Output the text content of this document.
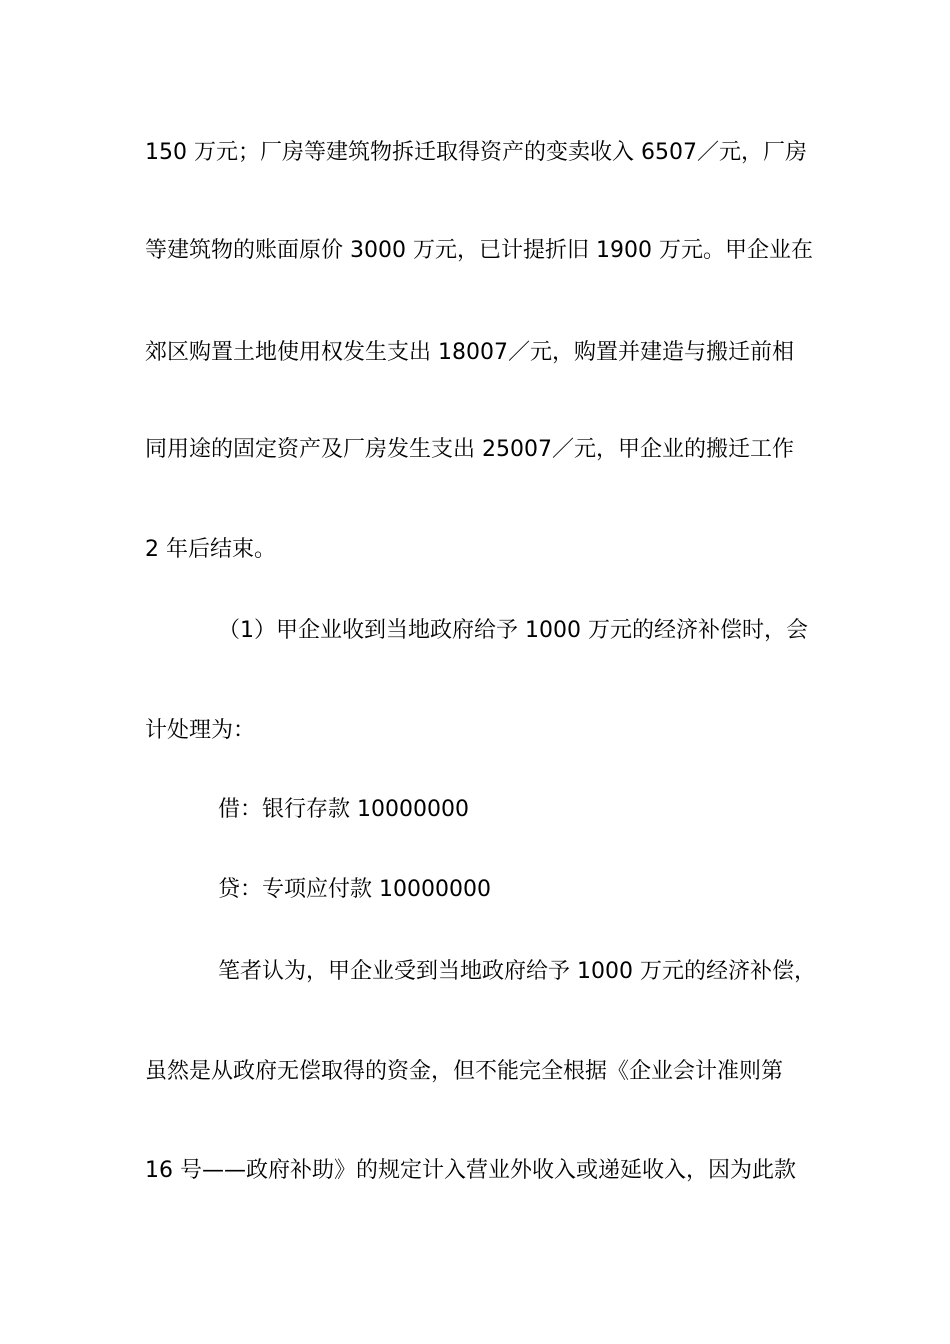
150 万元；厂房等建筑物拆迁取得资产的变卖收入 6507／元，厂房
等建筑物的账面原价 3000 万元，已计提折旧 1900 万元。甲企业在
郊区购置土地使用权发生支出 18007／元，购置并建造与搬迁前相
同用途的固定资产及厂房发生支出 25007／元，甲企业的搬迁工作
2 年后结束。
（1）甲企业收到当地政府给予 1000 万元的经济补偿时，会
计处理为：
借：银行存款 10000000
贷：专项应付款 10000000
笔者认为，甲企业受到当地政府给予 1000 万元的经济补偿，
虽然是从政府无偿取得的资金，但不能完全根据《企业会计准则第
16 号——政府补助》的规定计入营业外收入或递延收入，因为此款
